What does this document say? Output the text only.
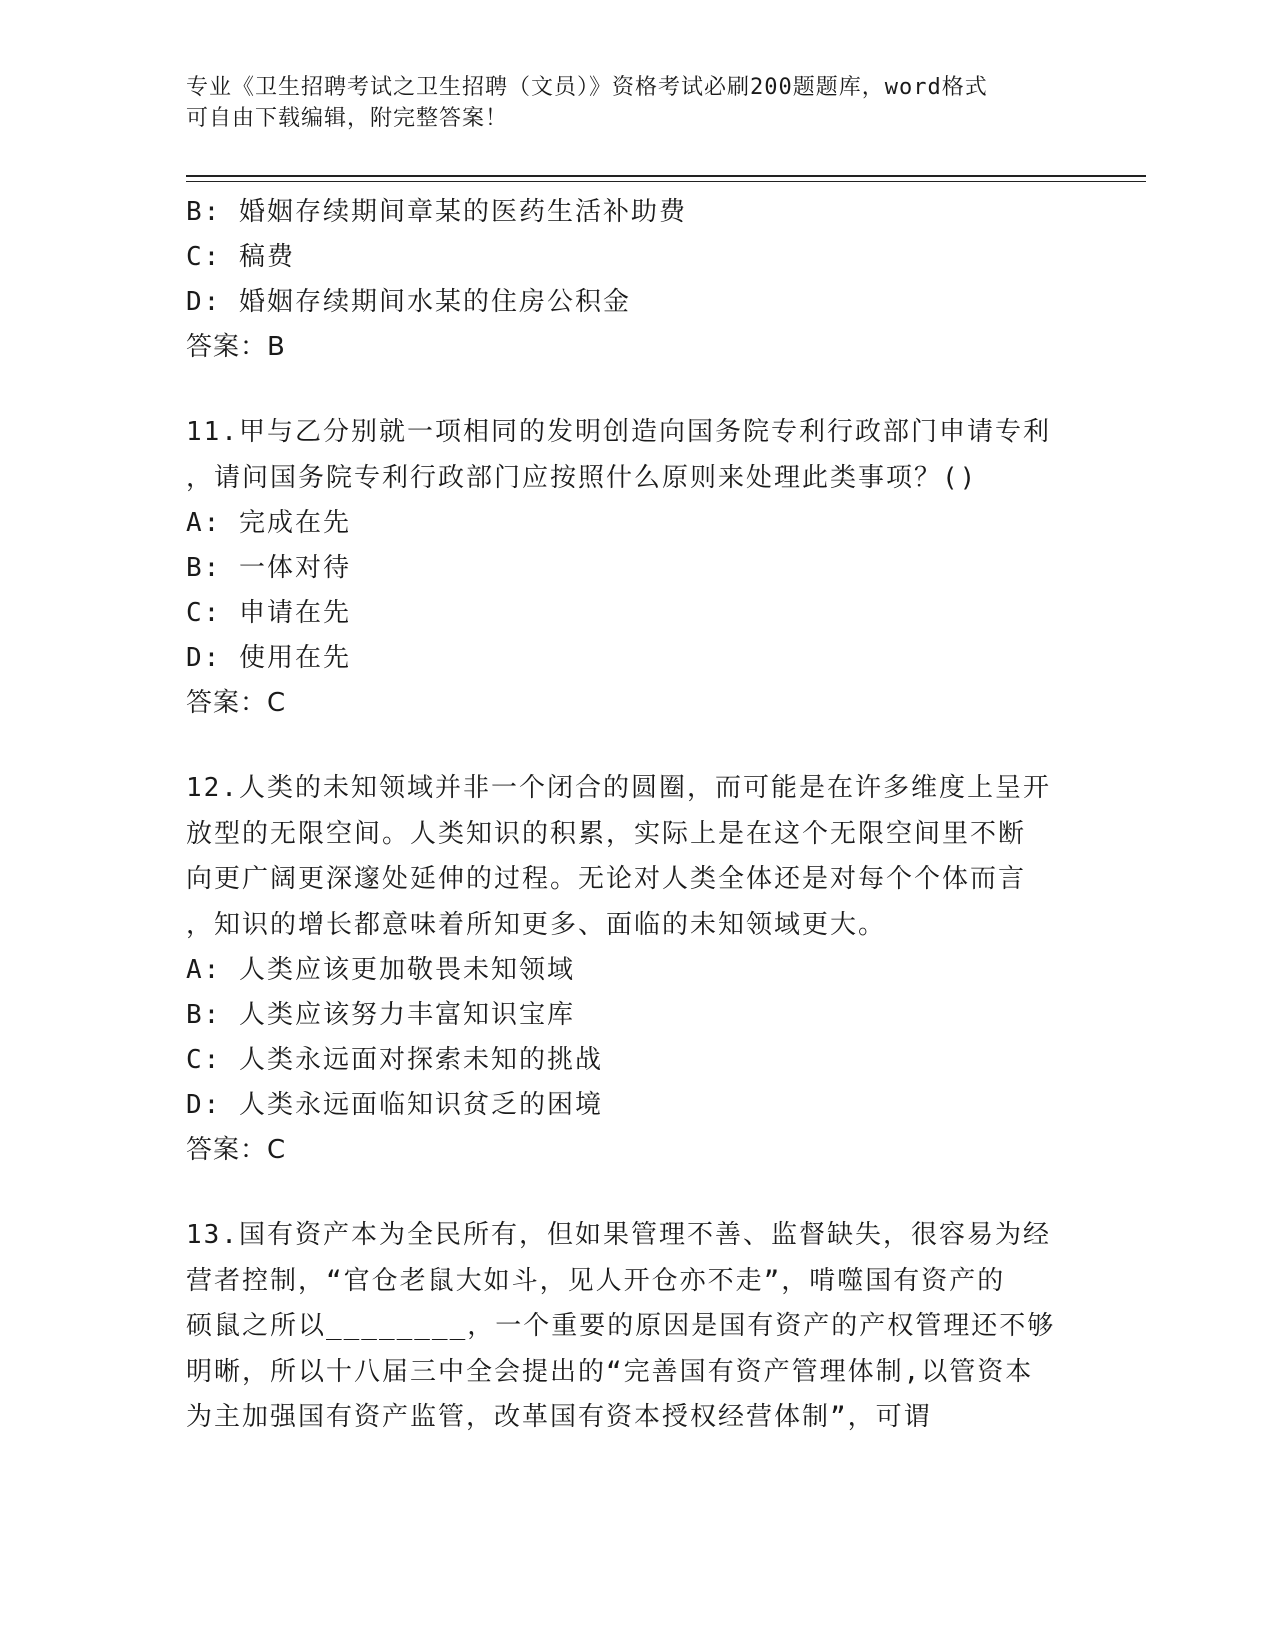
专业《卫生招聘考试之卫生招聘（文员）》资格考试必刷200题题库，word格式
可自由下载编辑，附完整答案！
B: 婚姻存续期间章某的医药生活补助费
C: 稿费
D: 婚姻存续期间水某的住房公积金
答案：B
11.甲与乙分别就一项相同的发明创造向国务院专利行政部门申请专利
，请问国务院专利行政部门应按照什么原则来处理此类事项？()
A: 完成在先
B: 一体对待
C: 申请在先
D: 使用在先
答案：C
12.人类的未知领域并非一个闭合的圆圈，而可能是在许多维度上呈开
放型的无限空间。人类知识的积累，实际上是在这个无限空间里不断
向更广阔更深邃处延伸的过程。无论对人类全体还是对每个个体而言
，知识的增长都意味着所知更多、面临的未知领域更大。
A: 人类应该更加敬畏未知领域
B: 人类应该努力丰富知识宝库
C: 人类永远面对探索未知的挑战
D: 人类永远面临知识贫乏的困境
答案：C
13.国有资产本为全民所有，但如果管理不善、监督缺失，很容易为经
营者控制，“官仓老鼠大如斗，见人开仓亦不走”，啃噬国有资产的
硕鼠之所以________，一个重要的原因是国有资产的产权管理还不够
明晰，所以十八届三中全会提出的“完善国有资产管理体制,以管资本
为主加强国有资产监管，改革国有资本授权经营体制”，可谓
